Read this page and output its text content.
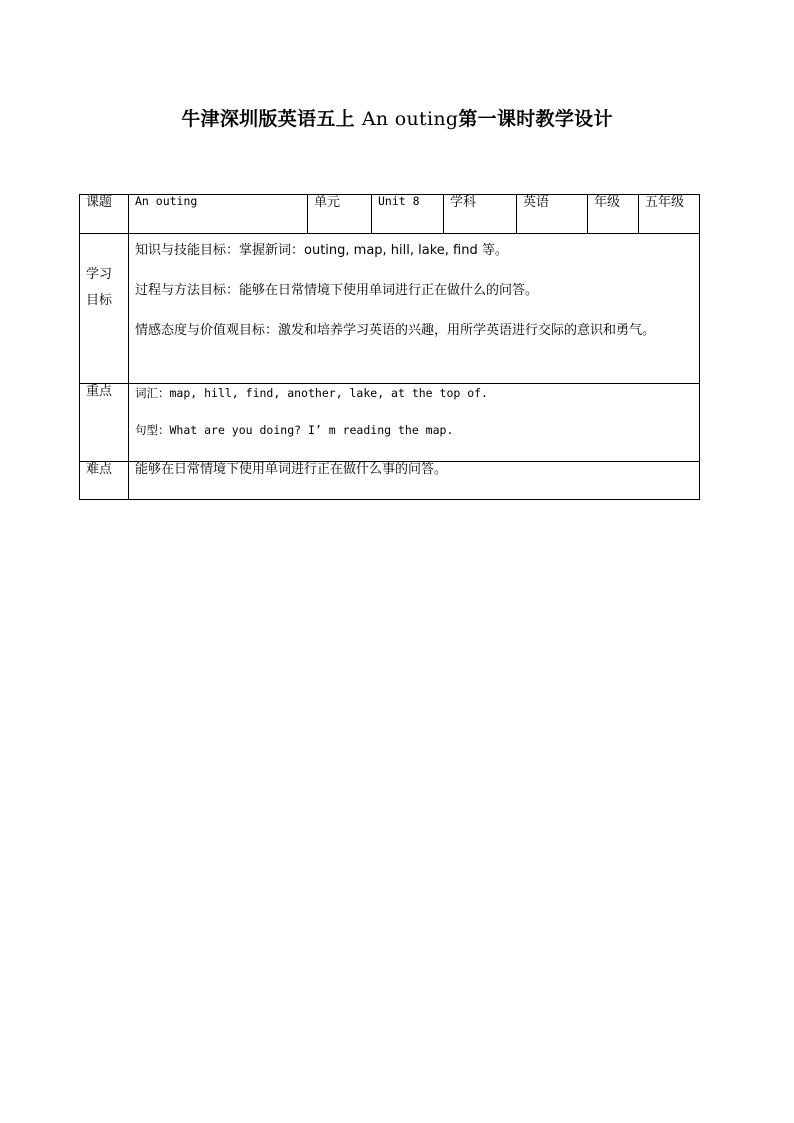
牛津深圳版英语五上 An outing第一课时教学设计
课题	An outing	单元	Unit 8	学科	英语	年级	五年级

学习
目标	知识与技能目标：掌握新词：outing, map, hill, lake, find 等。
过程与方法目标：能够在日常情境下使用单词进行正在做什么的问答。
情感态度与价值观目标：激发和培养学习英语的兴趣，用所学英语进行交际的意识和勇气。						

重点	词汇：map, hill, find, another, lake, at the top of.
句型：What are you doing? I’ m reading the map.						

难点	能够在日常情境下使用单词进行正在做什么事的问答。						
